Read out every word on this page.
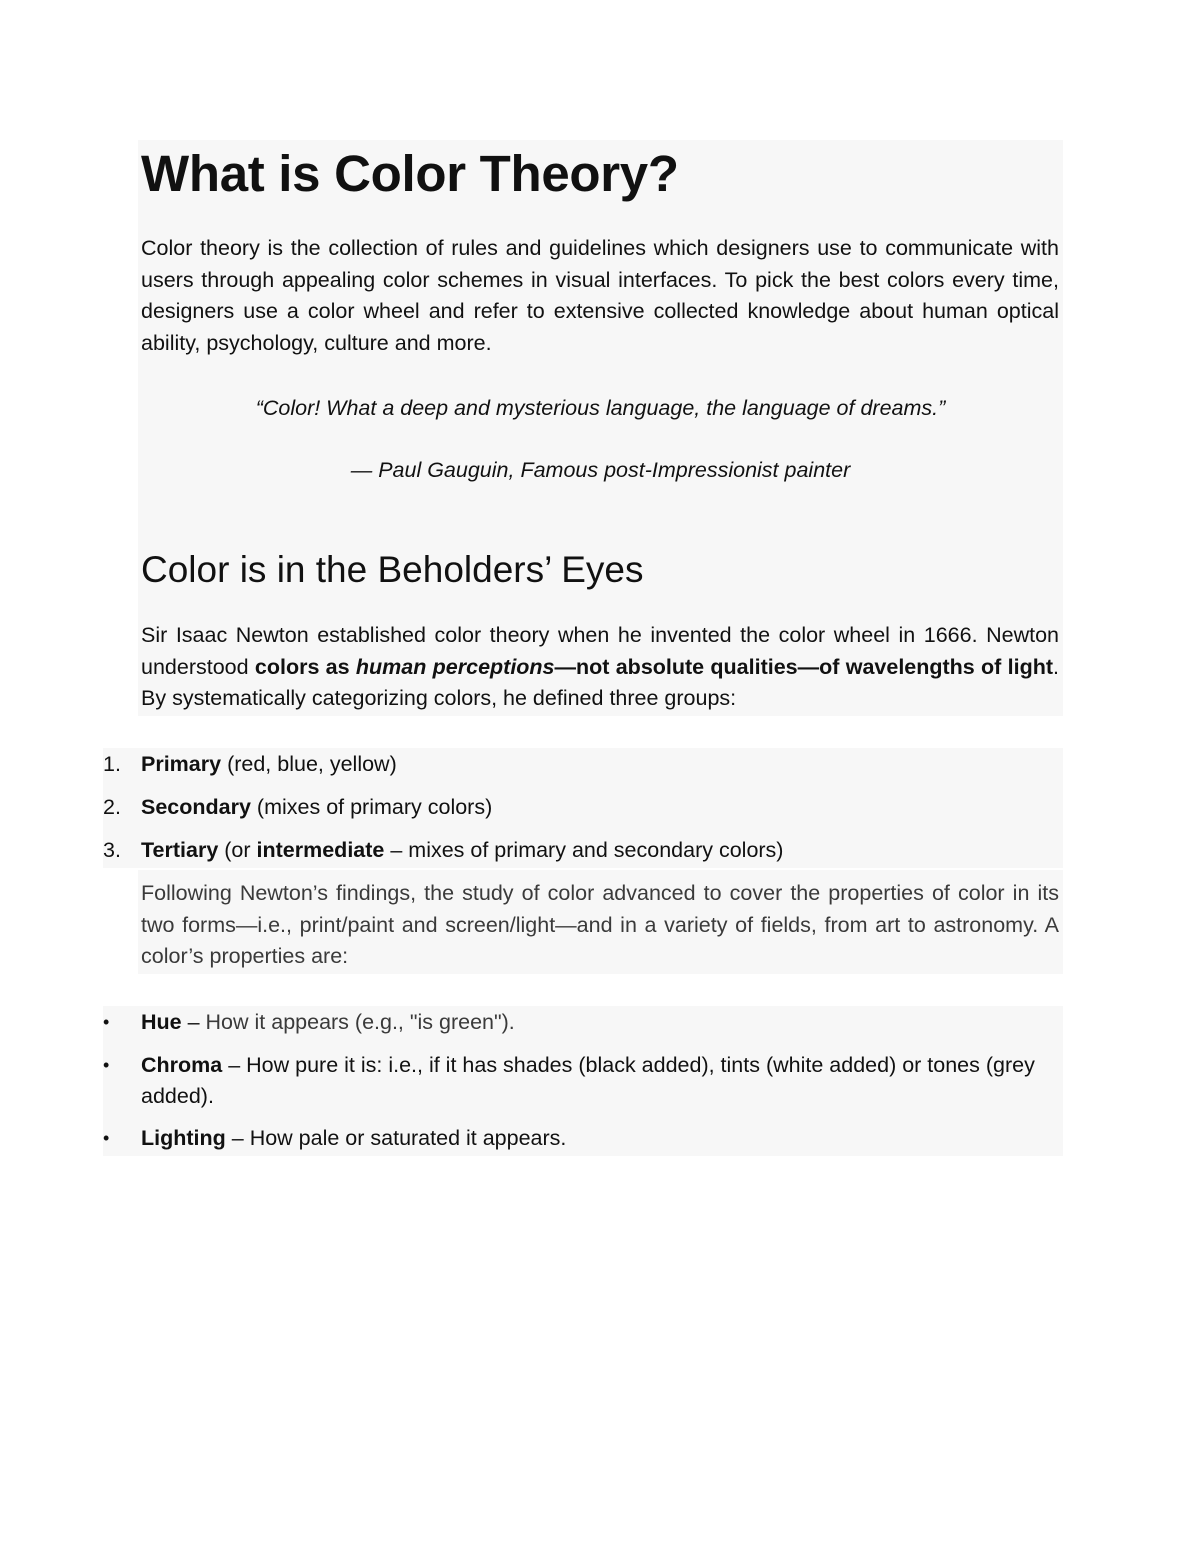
What is Color Theory?

Color theory is the collection of rules and guidelines which designers use to communicate with users through appealing color schemes in visual interfaces. To pick the best colors every time, designers use a color wheel and refer to extensive collected knowledge about human optical ability, psychology, culture and more.

“Color! What a deep and mysterious language, the language of dreams.”

— Paul Gauguin, Famous post-Impressionist painter

Color is in the Beholders’ Eyes

Sir Isaac Newton established color theory when he invented the color wheel in 1666. Newton understood colors as human perceptions—not absolute qualities—of wavelengths of light. By systematically categorizing colors, he defined three groups:

1. Primary (red, blue, yellow)
2. Secondary (mixes of primary colors)
3. Tertiary (or intermediate – mixes of primary and secondary colors)

Following Newton’s findings, the study of color advanced to cover the properties of color in its two forms—i.e., print/paint and screen/light—and in a variety of fields, from art to astronomy. A color’s properties are:

• Hue – How it appears (e.g., "is green").
•	Chroma – How pure it is: i.e., if it has shades (black added), tints (white added) or tones (grey added).
• Lighting – How pale or saturated it appears.
